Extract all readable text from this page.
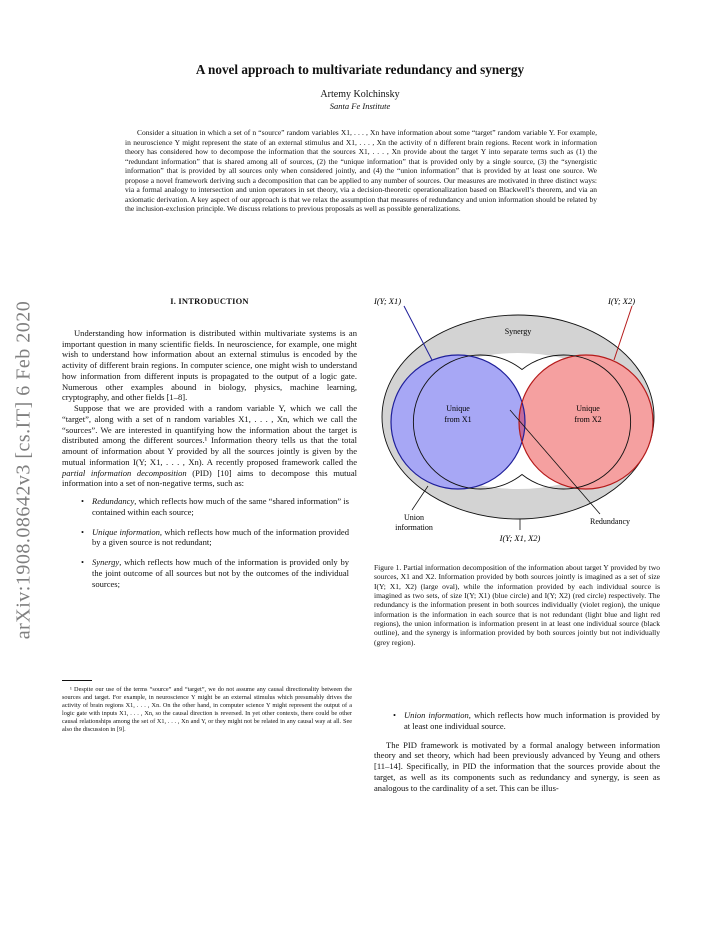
arXiv:1908.08642v3 [cs.IT] 6 Feb 2020
A novel approach to multivariate redundancy and synergy
Artemy Kolchinsky
Santa Fe Institute
Consider a situation in which a set of n “source” random variables X1, . . . , Xn have information about some “target” random variable Y. For example, in neuroscience Y might represent the state of an external stimulus and X1, . . . , Xn the activity of n different brain regions. Recent work in information theory has considered how to decompose the information that the sources X1, . . . , Xn provide about the target Y into separate terms such as (1) the “redundant information” that is shared among all of sources, (2) the “unique information” that is provided only by a single source, (3) the “synergistic information” that is provided by all sources only when considered jointly, and (4) the “union information” that is provided by at least one source. We propose a novel framework deriving such a decomposition that can be applied to any number of sources. Our measures are motivated in three distinct ways: via a formal analogy to intersection and union operators in set theory, via a decision-theoretic operationalization based on Blackwell’s theorem, and via an axiomatic derivation. A key aspect of our approach is that we relax the assumption that measures of redundancy and union information should be related by the inclusion-exclusion principle. We discuss relations to previous proposals as well as possible generalizations.
I. INTRODUCTION

Understanding how information is distributed within multivariate systems is an important question in many scientific fields. In neuroscience, for example, one might wish to understand how information about an external stimulus is encoded by the activity of different brain regions. In computer science, one might wish to understand how information from different inputs is propagated to the output of a logic gate. Numerous other examples abound in biology, physics, machine learning, cryptography, and other fields [1–8].

Suppose that we are provided with a random variable Y, which we call the “target”, along with a set of n random variables X1, . . . , Xn, which we call the “sources”. We are interested in quantifying how the information about the target is distributed among the different sources.¹ Information theory tells us that the total amount of information about Y provided by all the sources jointly is given by the mutual information I(Y; X1, . . . , Xn). A recently proposed framework called the partial information decomposition (PID) [10] aims to decompose this mutual information into a set of non-negative terms, such as:

• Redundancy, which reflects how much of the same “shared information” is contained within each source;
• Unique information, which reflects how much of the information provided by a given source is not redundant;
• Synergy, which reflects how much of the information is provided only by the joint outcome of all sources but not by the outcomes of the individual sources;
¹ Despite our use of the terms “source” and “target”, we do not assume any causal directionality between the sources and target. For example, in neuroscience Y might be an external stimulus which presumably drives the activity of brain regions X1, . . . , Xn. On the other hand, in computer science Y might represent the output of a logic gate with inputs X1, . . . , Xn, so the causal direction is reversed. In yet other contexts, there could be other causal relationships among the set of X1, . . . , Xn and Y, or they might not be related in any causal way at all. See also the discussion in [9].
I(Y; X1)	I(Y; X2)
Synergy
Unique
from X1
Unique
from X2
Union
information
Redundancy
I(Y; X1, X2)
Figure 1. Partial information decomposition of the information about target Y provided by two sources, X1 and X2. Information provided by both sources jointly is imagined as a set of size I(Y; X1, X2) (large oval), while the information provided by each individual source is imagined as two sets, of size I(Y; X1) (blue circle) and I(Y; X2) (red circle) respectively. The redundancy is the information present in both sources individually (violet region), the unique information is the information in each source that is not redundant (light blue and light red regions), the union information is information present in at least one individual source (black outline), and the synergy is information provided by both sources jointly but not individually (grey region).
• Union information, which reflects how much information is provided by at least one individual source.

The PID framework is motivated by a formal analogy between information theory and set theory, which had been previously advanced by Yeung and others [11–14]. Specifically, in PID the information that the sources provide about the target, as well as its components such as redundancy and synergy, is seen as analogous to the cardinality of a set. This can be illus-
